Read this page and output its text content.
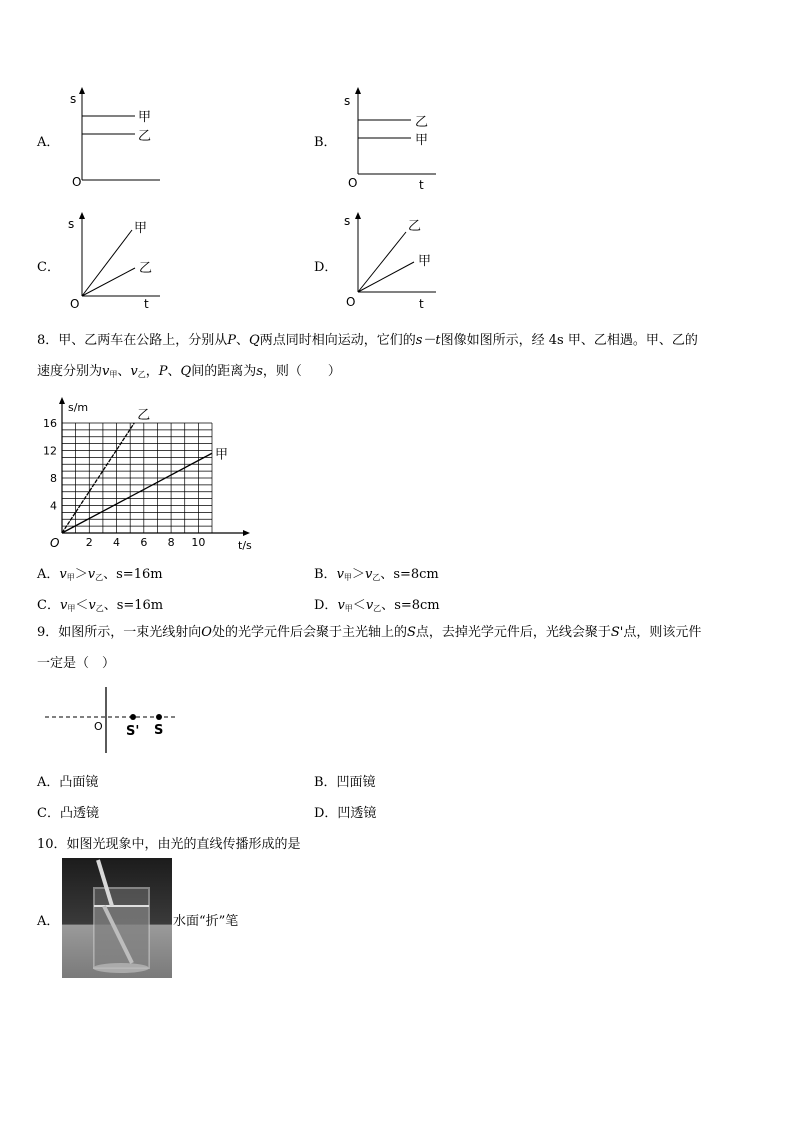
A．
s
O
甲
乙	B．
s
O	t
乙
甲
C．
s
O	t
甲
乙	D．
s
O	t
乙
甲
8．甲、乙两车在公路上，分别从P、Q两点同时相向运动，它们的s－t图像如图所示，经 4s 甲、乙相遇。甲、乙的
速度分别为$v_甲$、$v_乙$，P、Q间的距离为s，则（　　）
2 4 6 8 10
4
8
12
16
O
s/m
t/s
乙
甲
A．$v_甲>v_乙$、s=16m	B．$v_甲>v_乙$、s=8cm
C．$v_甲<v_乙$、s=16m	D．$v_甲<v_乙$、s=8cm
9．如图所示，一束光线射向O处的光学元件后会聚于主光轴上的S点，去掉光学元件后，光线会聚于S'点，则该元件
一定是（　）
O S' S
A．凸面镜	B．凹面镜
C．凸透镜	D．凹透镜
10．如图光现象中，由光的直线传播形成的是
A．	水面“折”笔
